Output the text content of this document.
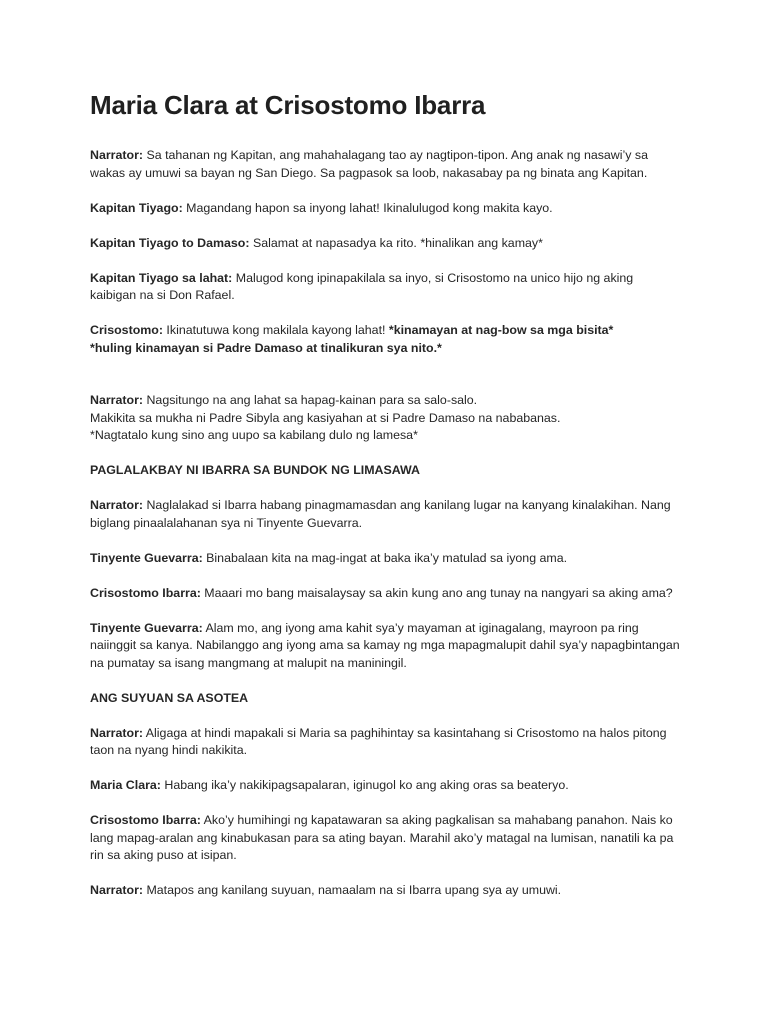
Maria Clara at Crisostomo Ibarra

Narrator: Sa tahanan ng Kapitan, ang mahahalagang tao ay nagtipon-tipon. Ang anak ng nasawi’y sa wakas ay umuwi sa bayan ng San Diego. Sa pagpasok sa loob, nakasabay pa ng binata ang Kapitan.

Kapitan Tiyago: Magandang hapon sa inyong lahat! Ikinalulugod kong makita kayo.

Kapitan Tiyago to Damaso: Salamat at napasadya ka rito. *hinalikan ang kamay*

Kapitan Tiyago sa lahat: Malugod kong ipinapakilala sa inyo, si Crisostomo na unico hijo ng aking kaibigan na si Don Rafael.

Crisostomo: Ikinatutuwa kong makilala kayong lahat! *kinamayan at nag-bow sa mga bisita*
*huling kinamayan si Padre Damaso at tinalikuran sya nito.*

Narrator: Nagsitungo na ang lahat sa hapag-kainan para sa salo-salo.
Makikita sa mukha ni Padre Sibyla ang kasiyahan at si Padre Damaso na nababanas.
*Nagtatalo kung sino ang uupo sa kabilang dulo ng lamesa*

PAGLALAKBAY NI IBARRA SA BUNDOK NG LIMASAWA

Narrator: Naglalakad si Ibarra habang pinagmamasdan ang kanilang lugar na kanyang kinalakihan. Nang biglang pinaalalahanan sya ni Tinyente Guevarra.

Tinyente Guevarra: Binabalaan kita na mag-ingat at baka ika’y matulad sa iyong ama.

Crisostomo Ibarra: Maaari mo bang maisalaysay sa akin kung ano ang tunay na nangyari sa aking ama?

Tinyente Guevarra: Alam mo, ang iyong ama kahit sya’y mayaman at iginagalang, mayroon pa ring naiinggit sa kanya. Nabilanggo ang iyong ama sa kamay ng mga mapagmalupit dahil sya’y napagbintangan na pumatay sa isang mangmang at malupit na maniningil.

ANG SUYUAN SA ASOTEA

Narrator: Aligaga at hindi mapakali si Maria sa paghihintay sa kasintahang si Crisostomo na halos pitong taon na nyang hindi nakikita.

Maria Clara: Habang ika’y nakikipagsapalaran, iginugol ko ang aking oras sa beateryo.

Crisostomo Ibarra: Ako’y humihingi ng kapatawaran sa aking pagkalisan sa mahabang panahon. Nais ko lang mapag-aralan ang kinabukasan para sa ating bayan. Marahil ako’y matagal na lumisan, nanatili ka pa rin sa aking puso at isipan.

Narrator: Matapos ang kanilang suyuan, namaalam na si Ibarra upang sya ay umuwi.
